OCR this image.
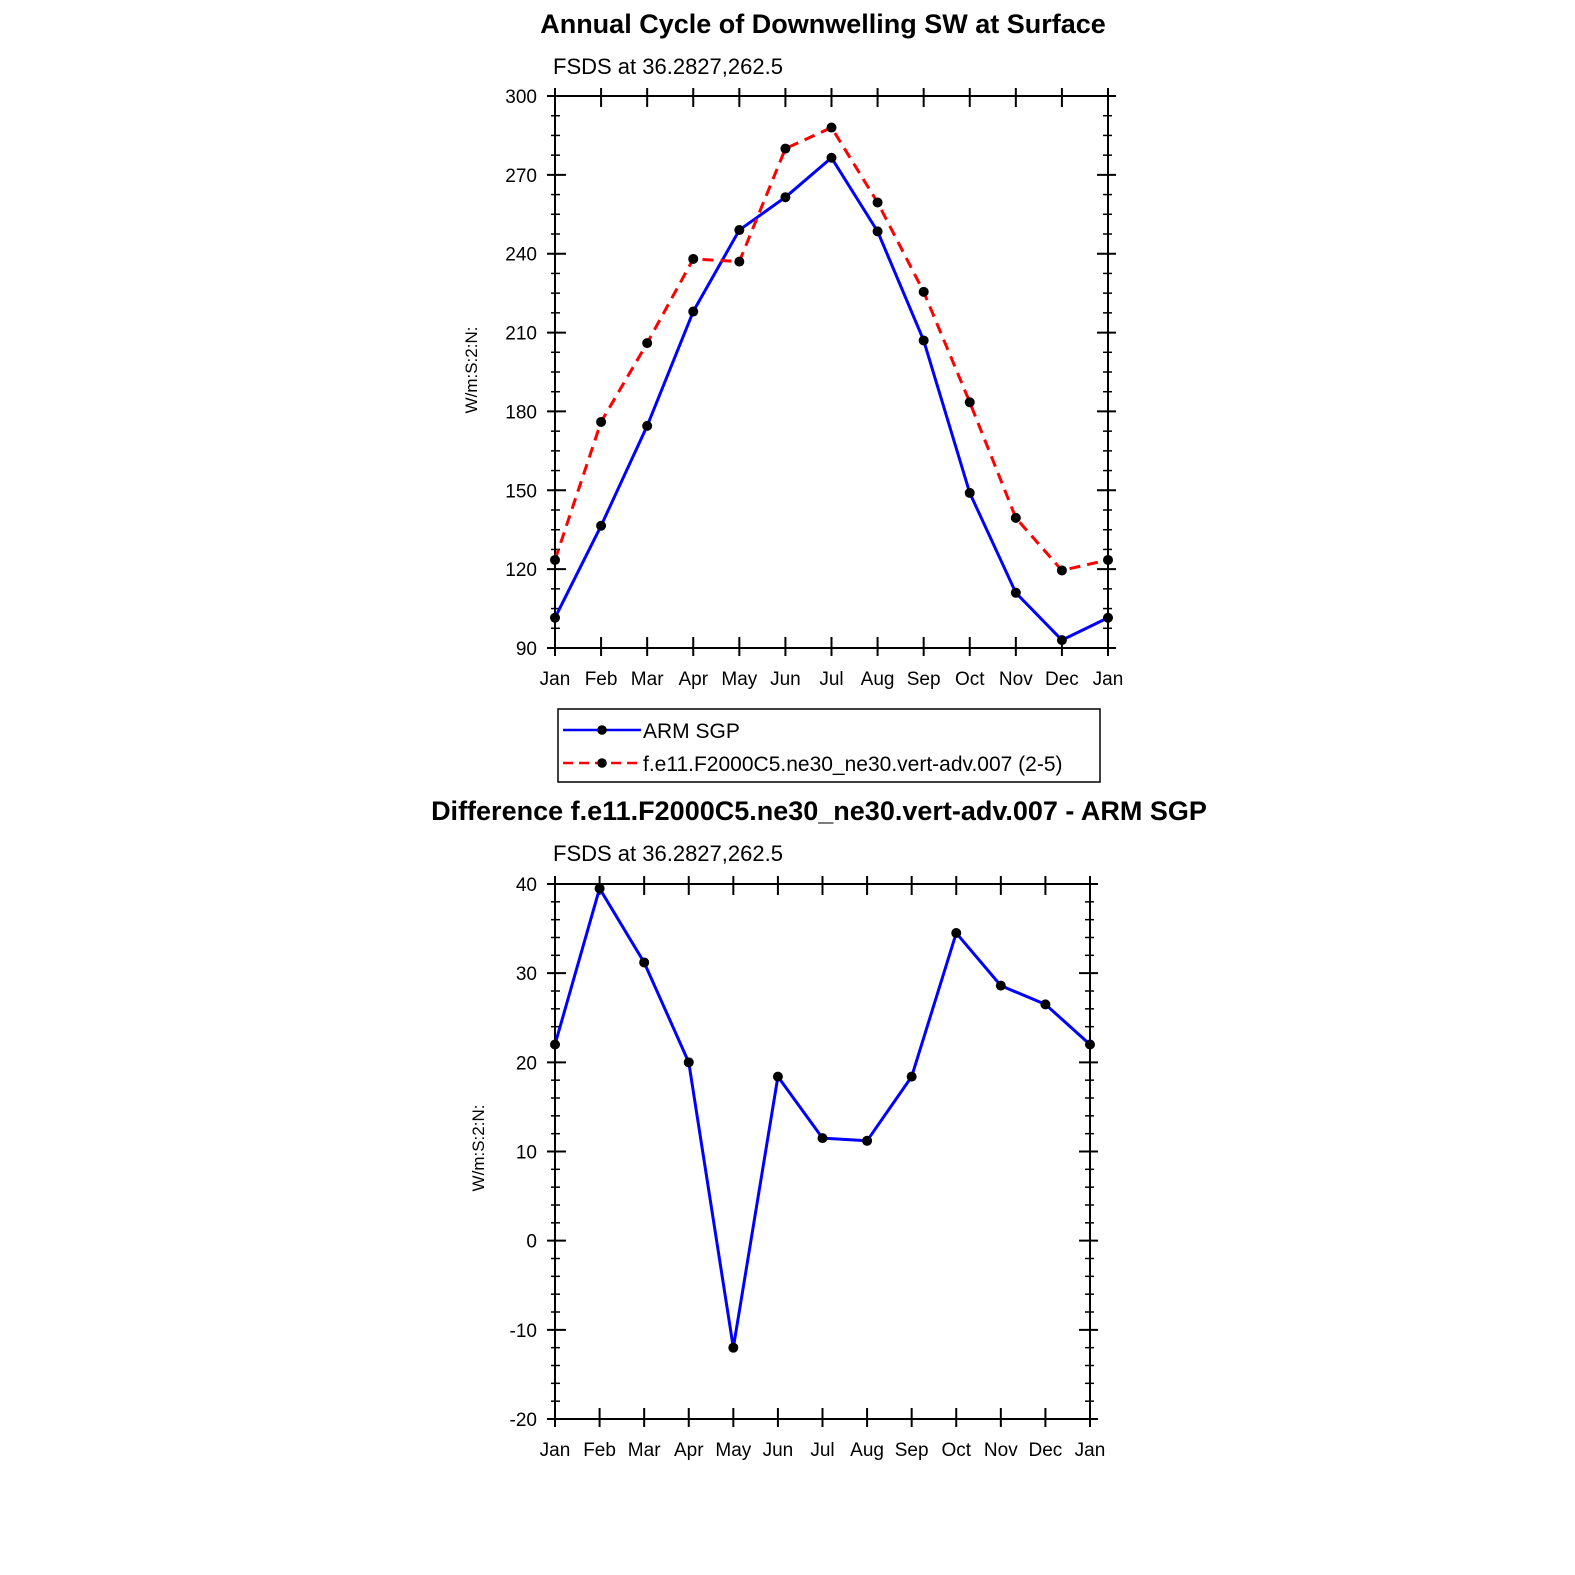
Annual Cycle of Downwelling SW at Surface
FSDS at 36.2827,262.5
W/m:S:2:N:
90
120
150
180
210
240
270
300
Jan Feb Mar Apr May Jun Jul Aug Sep Oct Nov Dec Jan
ARM SGP
f.e11.F2000C5.ne30_ne30.vert-adv.007 (2-5)
Difference f.e11.F2000C5.ne30_ne30.vert-adv.007 - ARM SGP
FSDS at 36.2827,262.5
W/m:S:2:N:
-20
-10
0
10
20
30
40
Jan Feb Mar Apr May Jun Jul Aug Sep Oct Nov Dec Jan
